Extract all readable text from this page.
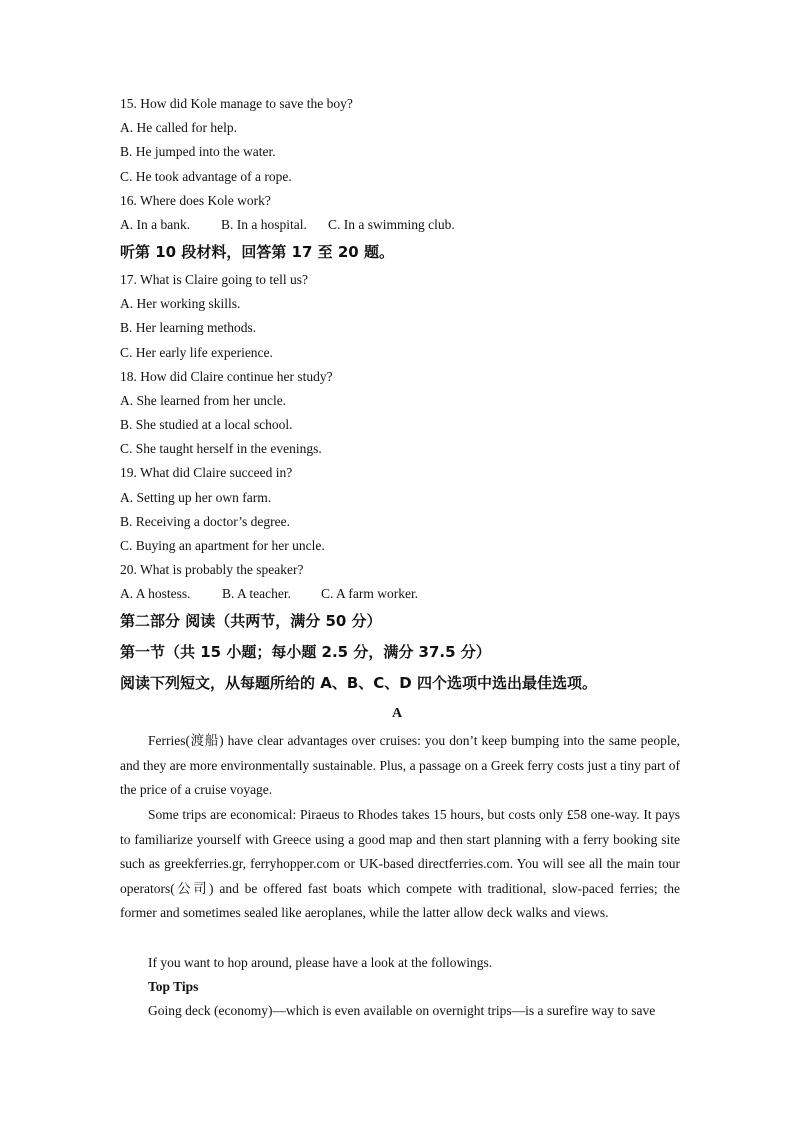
15. How did Kole manage to save the boy?
A. He called for help.
B. He jumped into the water.
C. He took advantage of a rope.
16. Where does Kole work?
A. In a bank. B. In a hospital. C. In a swimming club.
听第 10 段材料，回答第 17 至 20 题。
17. What is Claire going to tell us?
A. Her working skills.
B. Her learning methods.
C. Her early life experience.
18. How did Claire continue her study?
A. She learned from her uncle.
B. She studied at a local school.
C. She taught herself in the evenings.
19. What did Claire succeed in?
A. Setting up her own farm.
B. Receiving a doctor’s degree.
C. Buying an apartment for her uncle.
20. What is probably the speaker?
A. A hostess. B. A teacher. C. A farm worker.
第二部分 阅读（共两节，满分 50 分）
第一节（共 15 小题；每小题 2.5 分，满分 37.5 分）
阅读下列短文，从每题所给的 A、B、C、D 四个选项中选出最佳选项。
A
Ferries(渡船) have clear advantages over cruises: you don’t keep bumping into the same people, and they are more environmentally sustainable. Plus, a passage on a Greek ferry costs just a tiny part of the price of a cruise voyage.
Some trips are economical: Piraeus to Rhodes takes 15 hours, but costs only £58 one-way. It pays to familiarize yourself with Greece using a good map and then start planning with a ferry booking site such as greekferries.gr, ferryhopper.com or UK-based directferries.com. You will see all the main tour operators(公司) and be offered fast boats which compete with traditional, slow-paced ferries; the former and sometimes sealed like aeroplanes, while the latter allow deck walks and views.
If you want to hop around, please have a look at the followings.
Top Tips
Going deck (economy)—which is even available on overnight trips—is a surefire way to save
